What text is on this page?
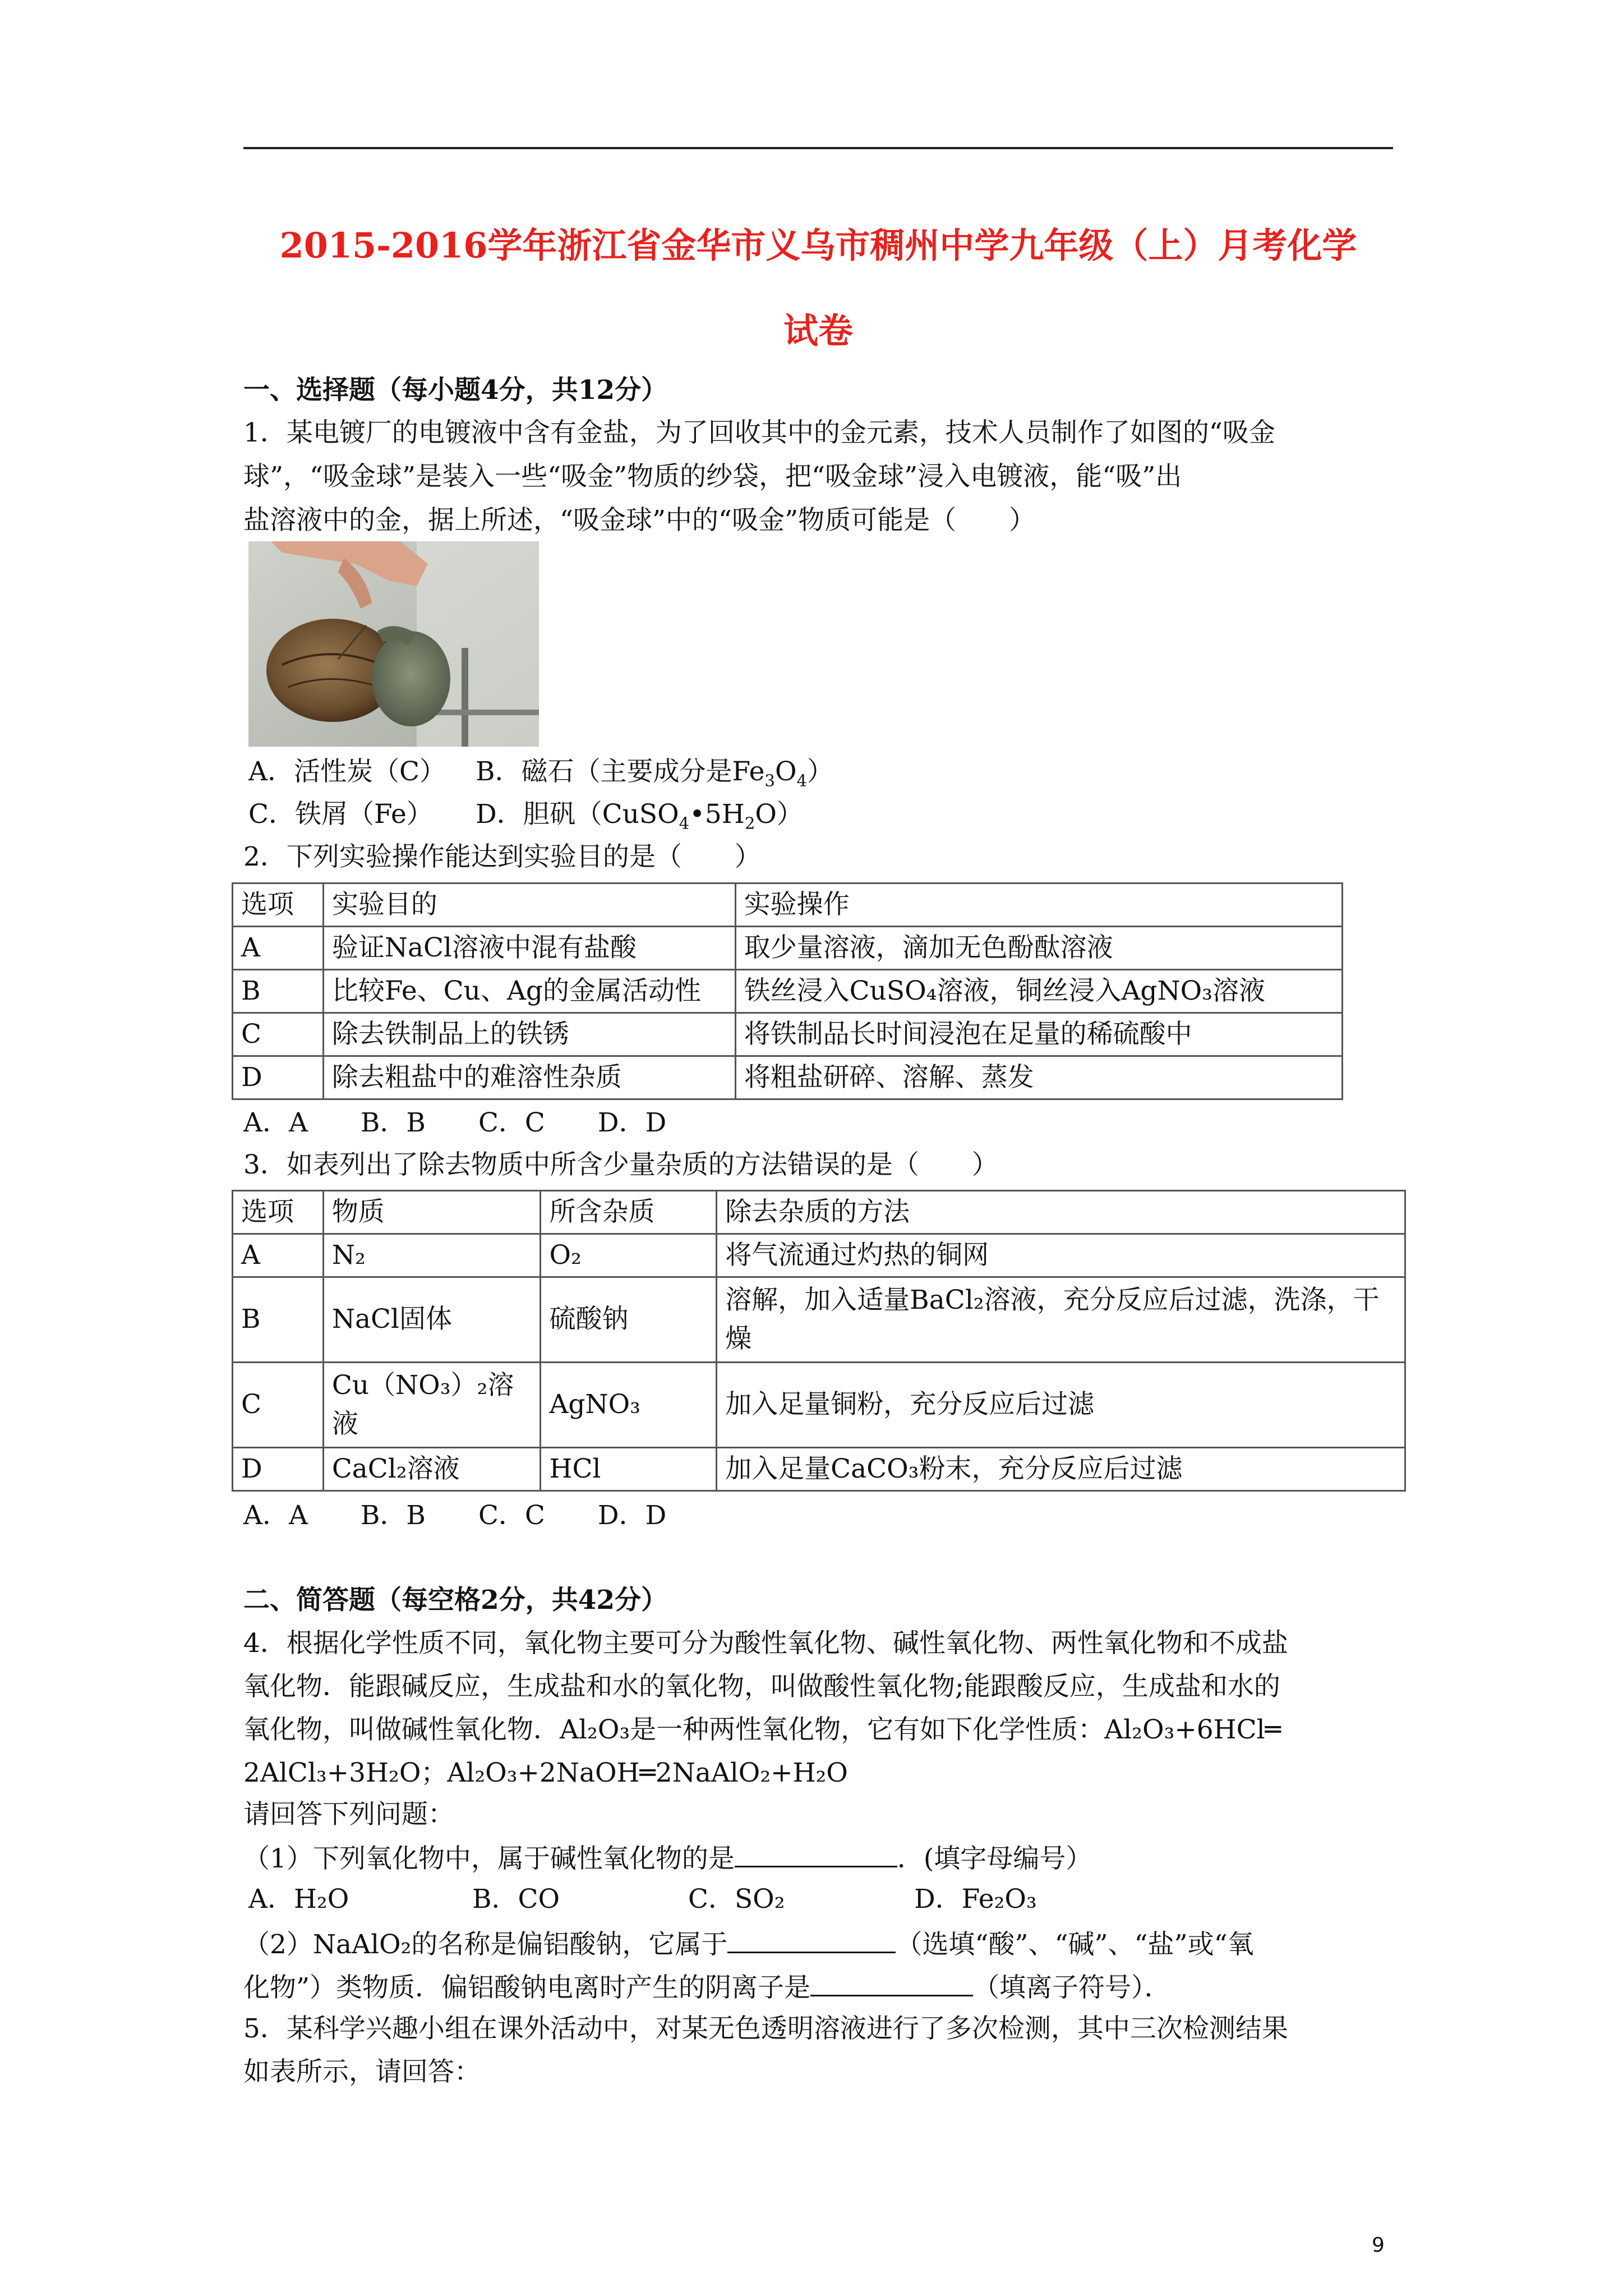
2015-2016学年浙江省金华市义乌市稠州中学九年级（上）月考化学
试卷
一、选择题（每小题4分，共12分）
1．某电镀厂的电镀液中含有金盐，为了回收其中的金元素，技术人员制作了如图的“吸金
球”，“吸金球”是装入一些“吸金”物质的纱袋，把“吸金球”浸入电镀液，能“吸”出
盐溶液中的金，据上所述，“吸金球”中的“吸金”物质可能是（　　）
A．活性炭（C） B．磁石（主要成分是$Fe_3O_4$）
C．铁屑（Fe） D．胆矾$(CuSO_4•5H_2O)$
2．下列实验操作能达到实验目的是（　　）
选项	实验目的	实验操作
A	验证NaCl溶液中混有盐酸	取少量溶液，滴加无色酚酞溶液
B	比较Fe、Cu、Ag的金属活动性	铁丝浸入CuSO₄溶液，铜丝浸入AgNO₃溶液
C	除去铁制品上的铁锈	将铁制品长时间浸泡在足量的稀硫酸中
D	除去粗盐中的难溶性杂质	将粗盐研碎、溶解、蒸发
A．A　　B．B　　C．C　　D．D
3．如表列出了除去物质中所含少量杂质的方法错误的是（　　）
选项	物质	所含杂质	除去杂质的方法
A	N₂	O₂	将气流通过灼热的铜网
B	NaCl固体	硫酸钠	溶解，加入适量BaCl₂溶液，充分反应后过滤，洗涤，干燥
C	Cu（NO₃）₂溶液	AgNO₃	加入足量铜粉，充分反应后过滤
D	CaCl₂溶液	HCl	加入足量CaCO₃粉末，充分反应后过滤
A．A　　B．B　　C．C　　D．D
二、简答题（每空格2分，共42分）
4．根据化学性质不同，氧化物主要可分为酸性氧化物、碱性氧化物、两性氧化物和不成盐
氧化物．能跟碱反应，生成盐和水的氧化物，叫做酸性氧化物;能跟酸反应，生成盐和水的
氧化物，叫做碱性氧化物．Al₂O₃是一种两性氧化物，它有如下化学性质：Al₂O₃+6HCl═
2AlCl₃+3H₂O；Al₂O₃+2NaOH═2NaAlO₂+H₂O
请回答下列问题：
（1）下列氧化物中，属于碱性氧化物的是	．(填字母编号）
A．H₂O	B．CO	C．SO₂	D．Fe₂O₃
（2）NaAlO₂的名称是偏铝酸钠，它属于	（选填“酸”、“碱”、“盐”或“氧
化物”）类物质．偏铝酸钠电离时产生的阴离子是	（填离子符号）．
5．某科学兴趣小组在课外活动中，对某无色透明溶液进行了多次检测，其中三次检测结果
如表所示，请回答：
9
